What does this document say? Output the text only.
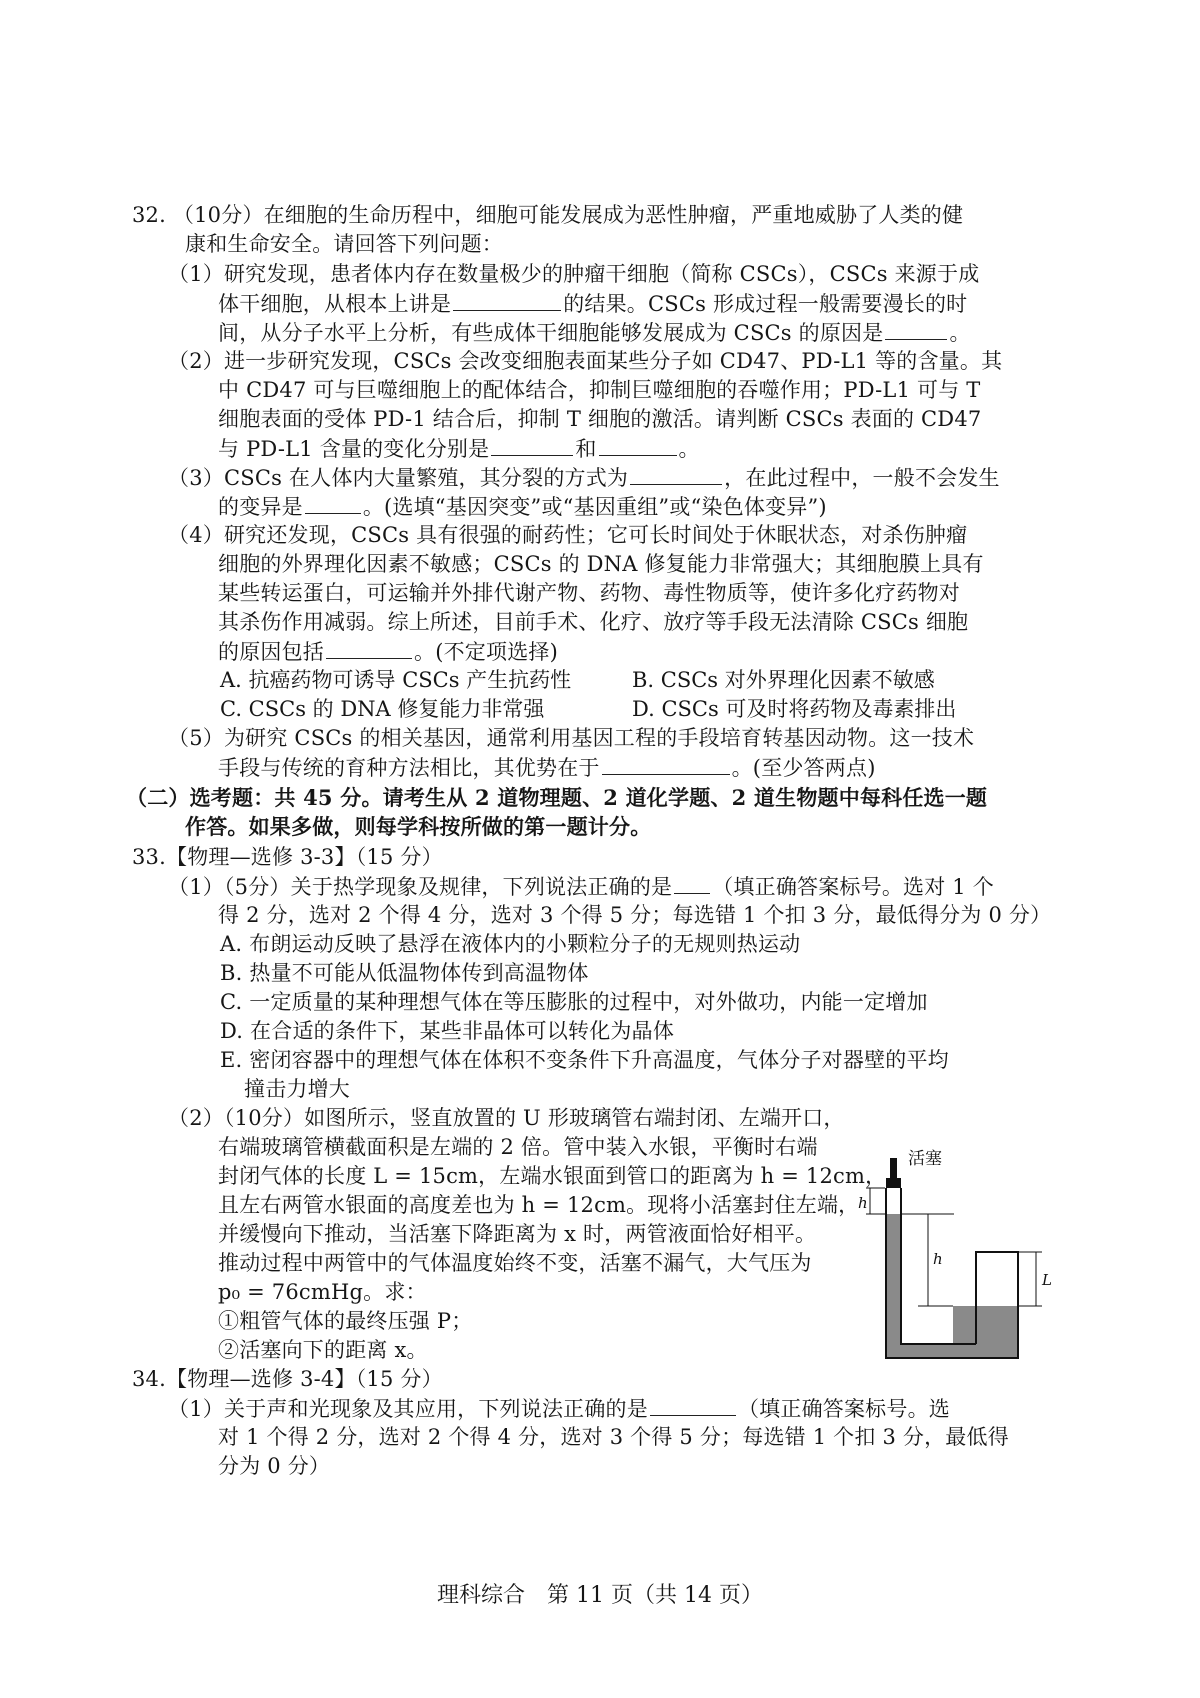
32. （10分）在细胞的生命历程中，细胞可能发展成为恶性肿瘤，严重地威胁了人类的健
康和生命安全。请回答下列问题：
（1）研究发现，患者体内存在数量极少的肿瘤干细胞（简称 CSCs），CSCs 来源于成
体干细胞，从根本上讲是	的结果。CSCs 形成过程一般需要漫长的时
间，从分子水平上分析，有些成体干细胞能够发展成为 CSCs 的原因是	。
（2）进一步研究发现，CSCs 会改变细胞表面某些分子如 CD47、PD-L1 等的含量。其
中 CD47 可与巨噬细胞上的配体结合，抑制巨噬细胞的吞噬作用；PD-L1 可与 T
细胞表面的受体 PD-1 结合后，抑制 T 细胞的激活。请判断 CSCs 表面的 CD47
与 PD-L1 含量的变化分别是	和	。
（3）CSCs 在人体内大量繁殖，其分裂的方式为	，在此过程中，一般不会发生
的变异是	。(选填“基因突变”或“基因重组”或“染色体变异”)
（4）研究还发现，CSCs 具有很强的耐药性；它可长时间处于休眠状态，对杀伤肿瘤
细胞的外界理化因素不敏感；CSCs 的 DNA 修复能力非常强大；其细胞膜上具有
某些转运蛋白，可运输并外排代谢产物、药物、毒性物质等，使许多化疗药物对
其杀伤作用减弱。综上所述，目前手术、化疗、放疗等手段无法清除 CSCs 细胞
的原因包括	。(不定项选择)
A. 抗癌药物可诱导 CSCs 产生抗药性	B. CSCs 对外界理化因素不敏感
C. CSCs 的 DNA 修复能力非常强	D. CSCs 可及时将药物及毒素排出
（5）为研究 CSCs 的相关基因，通常利用基因工程的手段培育转基因动物。这一技术
手段与传统的育种方法相比，其优势在于	。(至少答两点)
（二）选考题：共 45 分。请考生从 2 道物理题、2 道化学题、2 道生物题中每科任选一题
作答。如果多做，则每学科按所做的第一题计分。
33.【物理—选修 3-3】（15 分）
（1）（5分）关于热学现象及规律，下列说法正确的是 （填正确答案标号。选对 1 个
得 2 分，选对 2 个得 4 分，选对 3 个得 5 分；每选错 1 个扣 3 分，最低得分为 0 分）
A. 布朗运动反映了悬浮在液体内的小颗粒分子的无规则热运动
B. 热量不可能从低温物体传到高温物体
C. 一定质量的某种理想气体在等压膨胀的过程中，对外做功，内能一定增加
D. 在合适的条件下，某些非晶体可以转化为晶体
E. 密闭容器中的理想气体在体积不变条件下升高温度，气体分子对器壁的平均
撞击力增大
（2）（10分）如图所示，竖直放置的 U 形玻璃管右端封闭、左端开口，
右端玻璃管横截面积是左端的 2 倍。管中装入水银，平衡时右端
封闭气体的长度 L = 15cm，左端水银面到管口的距离为 h = 12cm，
且左右两管水银面的高度差也为 h = 12cm。现将小活塞封住左端，
并缓慢向下推动，当活塞下降距离为 x 时，两管液面恰好相平。
推动过程中两管中的气体温度始终不变，活塞不漏气，大气压为
p₀ = 76cmHg。求：
①粗管气体的最终压强 P；
②活塞向下的距离 x。
活塞
h
h
L
34.【物理—选修 3-4】（15 分）
（1）关于声和光现象及其应用，下列说法正确的是	（填正确答案标号。选
对 1 个得 2 分，选对 2 个得 4 分，选对 3 个得 5 分；每选错 1 个扣 3 分，最低得
分为 0 分）
理科综合　第 11 页（共 14 页）
